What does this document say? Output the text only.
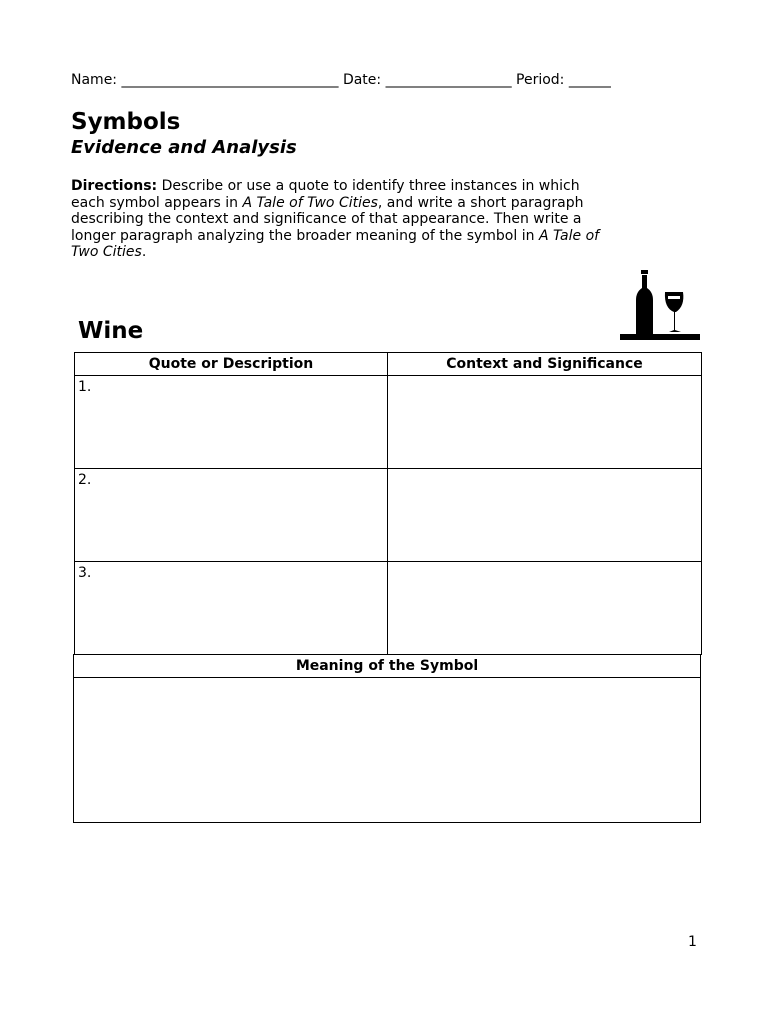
Name: _______________________________ Date: __________________ Period: ______
Symbols
Evidence and Analysis

Directions: Describe or use a quote to identify three instances in which each symbol appears in A Tale of Two Cities, and write a short paragraph describing the context and significance of that appearance. Then write a longer paragraph analyzing the broader meaning of the symbol in A Tale of Two Cities.

Wine
Quote or Description	Context and Significance
1.	
2.	
3.	
Meaning of the Symbol

1
